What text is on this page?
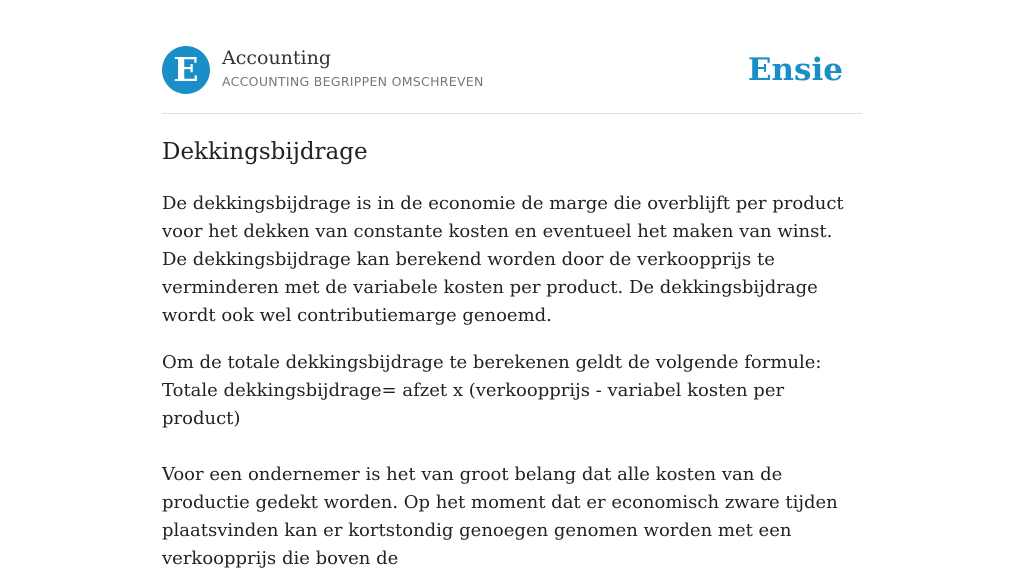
E	Accounting
ACCOUNTING BEGRIPPEN OMSCHREVEN	Ensie
Dekkingsbijdrage

De dekkingsbijdrage is in de economie de marge die overblijft per product voor het dekken van constante kosten en eventueel het maken van winst. De dekkingsbijdrage kan berekend worden door de verkoopprijs te verminderen met de variabele kosten per product. De dekkingsbijdrage wordt ook wel contributiemarge genoemd.

Om de totale dekkingsbijdrage te berekenen geldt de volgende formule:
Totale dekkingsbijdrage= afzet x (verkoopprijs - variabel kosten per product)

Voor een ondernemer is het van groot belang dat alle kosten van de productie gedekt worden. Op het moment dat er economisch zware tijden plaatsvinden kan er kortstondig genoegen genomen worden met een verkoopprijs die boven de
